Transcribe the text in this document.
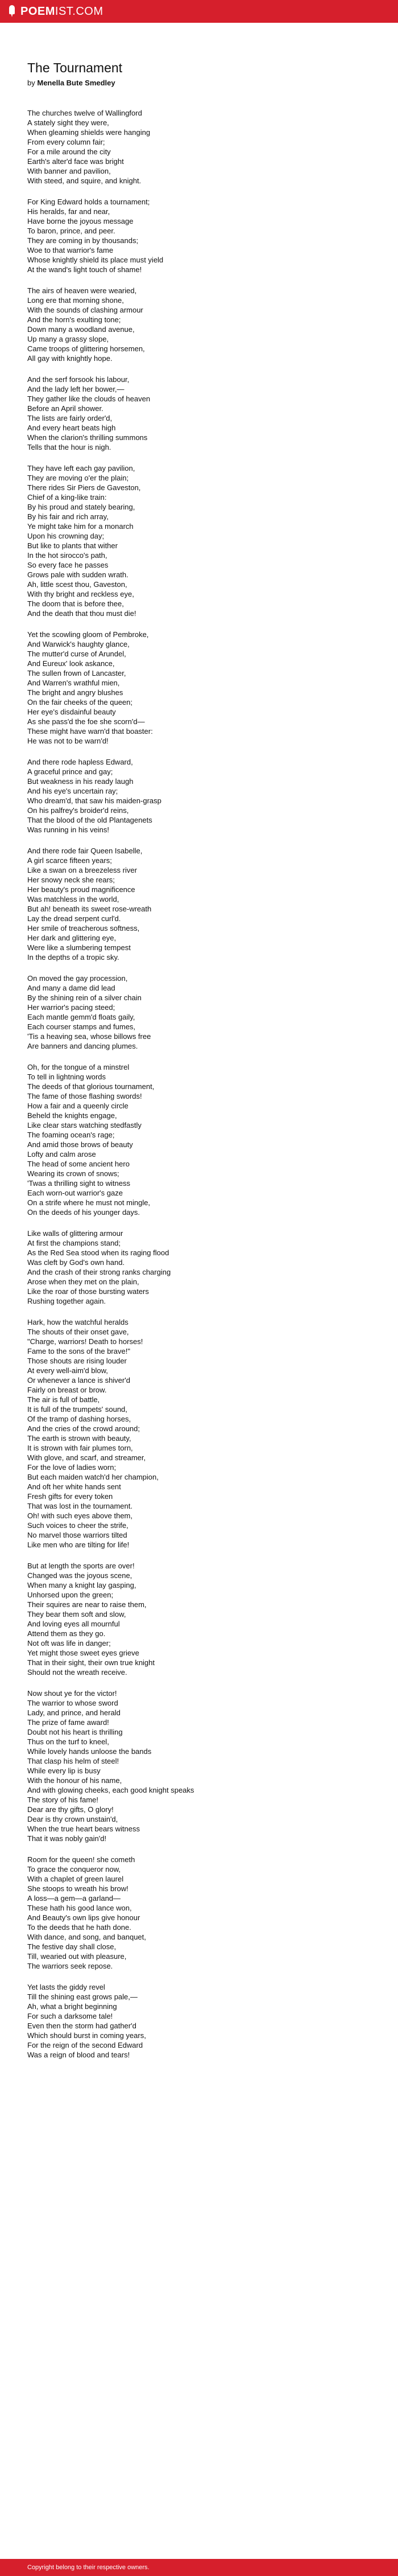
POEM IST.COM
The Tournament
by Menella Bute Smedley
The churches twelve of Wallingford
A stately sight they were,
When gleaming shields were hanging
From every column fair;
For a mile around the city
Earth's alter'd face was bright
With banner and pavilion,
With steed, and squire, and knight.
For King Edward holds a tournament;
His heralds, far and near,
Have borne the joyous message
To baron, prince, and peer.
They are coming in by thousands;
Woe to that warrior's fame
Whose knightly shield its place must yield
At the wand's light touch of shame!
The airs of heaven were wearied,
Long ere that morning shone,
With the sounds of clashing armour
And the horn's exulting tone;
Down many a woodland avenue,
Up many a grassy slope,
Came troops of glittering horsemen,
All gay with knightly hope.
And the serf forsook his labour,
And the lady left her bower,—
They gather like the clouds of heaven
Before an April shower.
The lists are fairly order'd,
And every heart beats high
When the clarion's thrilling summons
Tells that the hour is nigh.
They have left each gay pavilion,
They are moving o'er the plain;
There rides Sir Piers de Gaveston,
Chief of a king-like train:
By his proud and stately bearing,
By his fair and rich array,
Ye might take him for a monarch
Upon his crowning day;
But like to plants that wither
In the hot sirocco's path,
So every face he passes
Grows pale with sudden wrath.
Ah, little scest thou, Gaveston,
With thy bright and reckless eye,
The doom that is before thee,
And the death that thou must die!
Yet the scowling gloom of Pembroke,
And Warwick's haughty glance,
The mutter'd curse of Arundel,
And Eureux' look askance,
The sullen frown of Lancaster,
And Warren's wrathful mien,
The bright and angry blushes
On the fair cheeks of the queen;
Her eye's disdainful beauty
As she pass'd the foe she scorn'd—
These might have warn'd that boaster:
He was not to be warn'd!
And there rode hapless Edward,
A graceful prince and gay;
But weakness in his ready laugh
And his eye's uncertain ray;
Who dream'd, that saw his maiden-grasp
On his palfrey's broider'd reins,
That the blood of the old Plantagenets
Was running in his veins!
And there rode fair Queen Isabelle,
A girl scarce fifteen years;
Like a swan on a breezeless river
Her snowy neck she rears;
Her beauty's proud magnificence
Was matchless in the world,
But ah! beneath its sweet rose-wreath
Lay the dread serpent curl'd.
Her smile of treacherous softness,
Her dark and glittering eye,
Were like a slumbering tempest
In the depths of a tropic sky.
On moved the gay procession,
And many a dame did lead
By the shining rein of a silver chain
Her warrior's pacing steed;
Each mantle gemm'd floats gaily,
Each courser stamps and fumes,
'Tis a heaving sea, whose billows free
Are banners and dancing plumes.
Oh, for the tongue of a minstrel
To tell in lightning words
The deeds of that glorious tournament,
The fame of those flashing swords!
How a fair and a queenly circle
Beheld the knights engage,
Like clear stars watching stedfastly
The foaming ocean's rage;
And amid those brows of beauty
Lofty and calm arose
The head of some ancient hero
Wearing its crown of snows;
'Twas a thrilling sight to witness
Each worn-out warrior's gaze
On a strife where he must not mingle,
On the deeds of his younger days.
Like walls of glittering armour
At first the champions stand;
As the Red Sea stood when its raging flood
Was cleft by God's own hand.
And the crash of their strong ranks charging
Arose when they met on the plain,
Like the roar of those bursting waters
Rushing together again.
Hark, how the watchful heralds
The shouts of their onset gave,
"Charge, warriors! Death to horses!
Fame to the sons of the brave!"
Those shouts are rising louder
At every well-aim'd blow,
Or whenever a lance is shiver'd
Fairly on breast or brow.
The air is full of battle,
It is full of the trumpets' sound,
Of the tramp of dashing horses,
And the cries of the crowd around;
The earth is strown with beauty,
It is strown with fair plumes torn,
With glove, and scarf, and streamer,
For the love of ladies worn;
But each maiden watch'd her champion,
And oft her white hands sent
Fresh gifts for every token
That was lost in the tournament.
Oh! with such eyes above them,
Such voices to cheer the strife,
No marvel those warriors tilted
Like men who are tilting for life!
But at length the sports are over!
Changed was the joyous scene,
When many a knight lay gasping,
Unhorsed upon the green;
Their squires are near to raise them,
They bear them soft and slow,
And loving eyes all mournful
Attend them as they go.
Not oft was life in danger;
Yet might those sweet eyes grieve
That in their sight, their own true knight
Should not the wreath receive.
Now shout ye for the victor!
The warrior to whose sword
Lady, and prince, and herald
The prize of fame award!
Doubt not his heart is thrilling
Thus on the turf to kneel,
While lovely hands unloose the bands
That clasp his helm of steel!
While every lip is busy
With the honour of his name,
And with glowing cheeks, each good knight speaks
The story of his fame!
Dear are thy gifts, O glory!
Dear is thy crown unstain'd,
When the true heart bears witness
That it was nobly gain'd!
Room for the queen! she cometh
To grace the conqueror now,
With a chaplet of green laurel
She stoops to wreath his brow!
A loss—a gem—a garland—
These hath his good lance won,
And Beauty's own lips give honour
To the deeds that he hath done.
With dance, and song, and banquet,
The festive day shall close,
Till, wearied out with pleasure,
The warriors seek repose.
Yet lasts the giddy revel
Till the shining east grows pale,—
Ah, what a bright beginning
For such a darksome tale!
Even then the storm had gather'd
Which should burst in coming years,
For the reign of the second Edward
Was a reign of blood and tears!
Copyright belong to their respective owners.
